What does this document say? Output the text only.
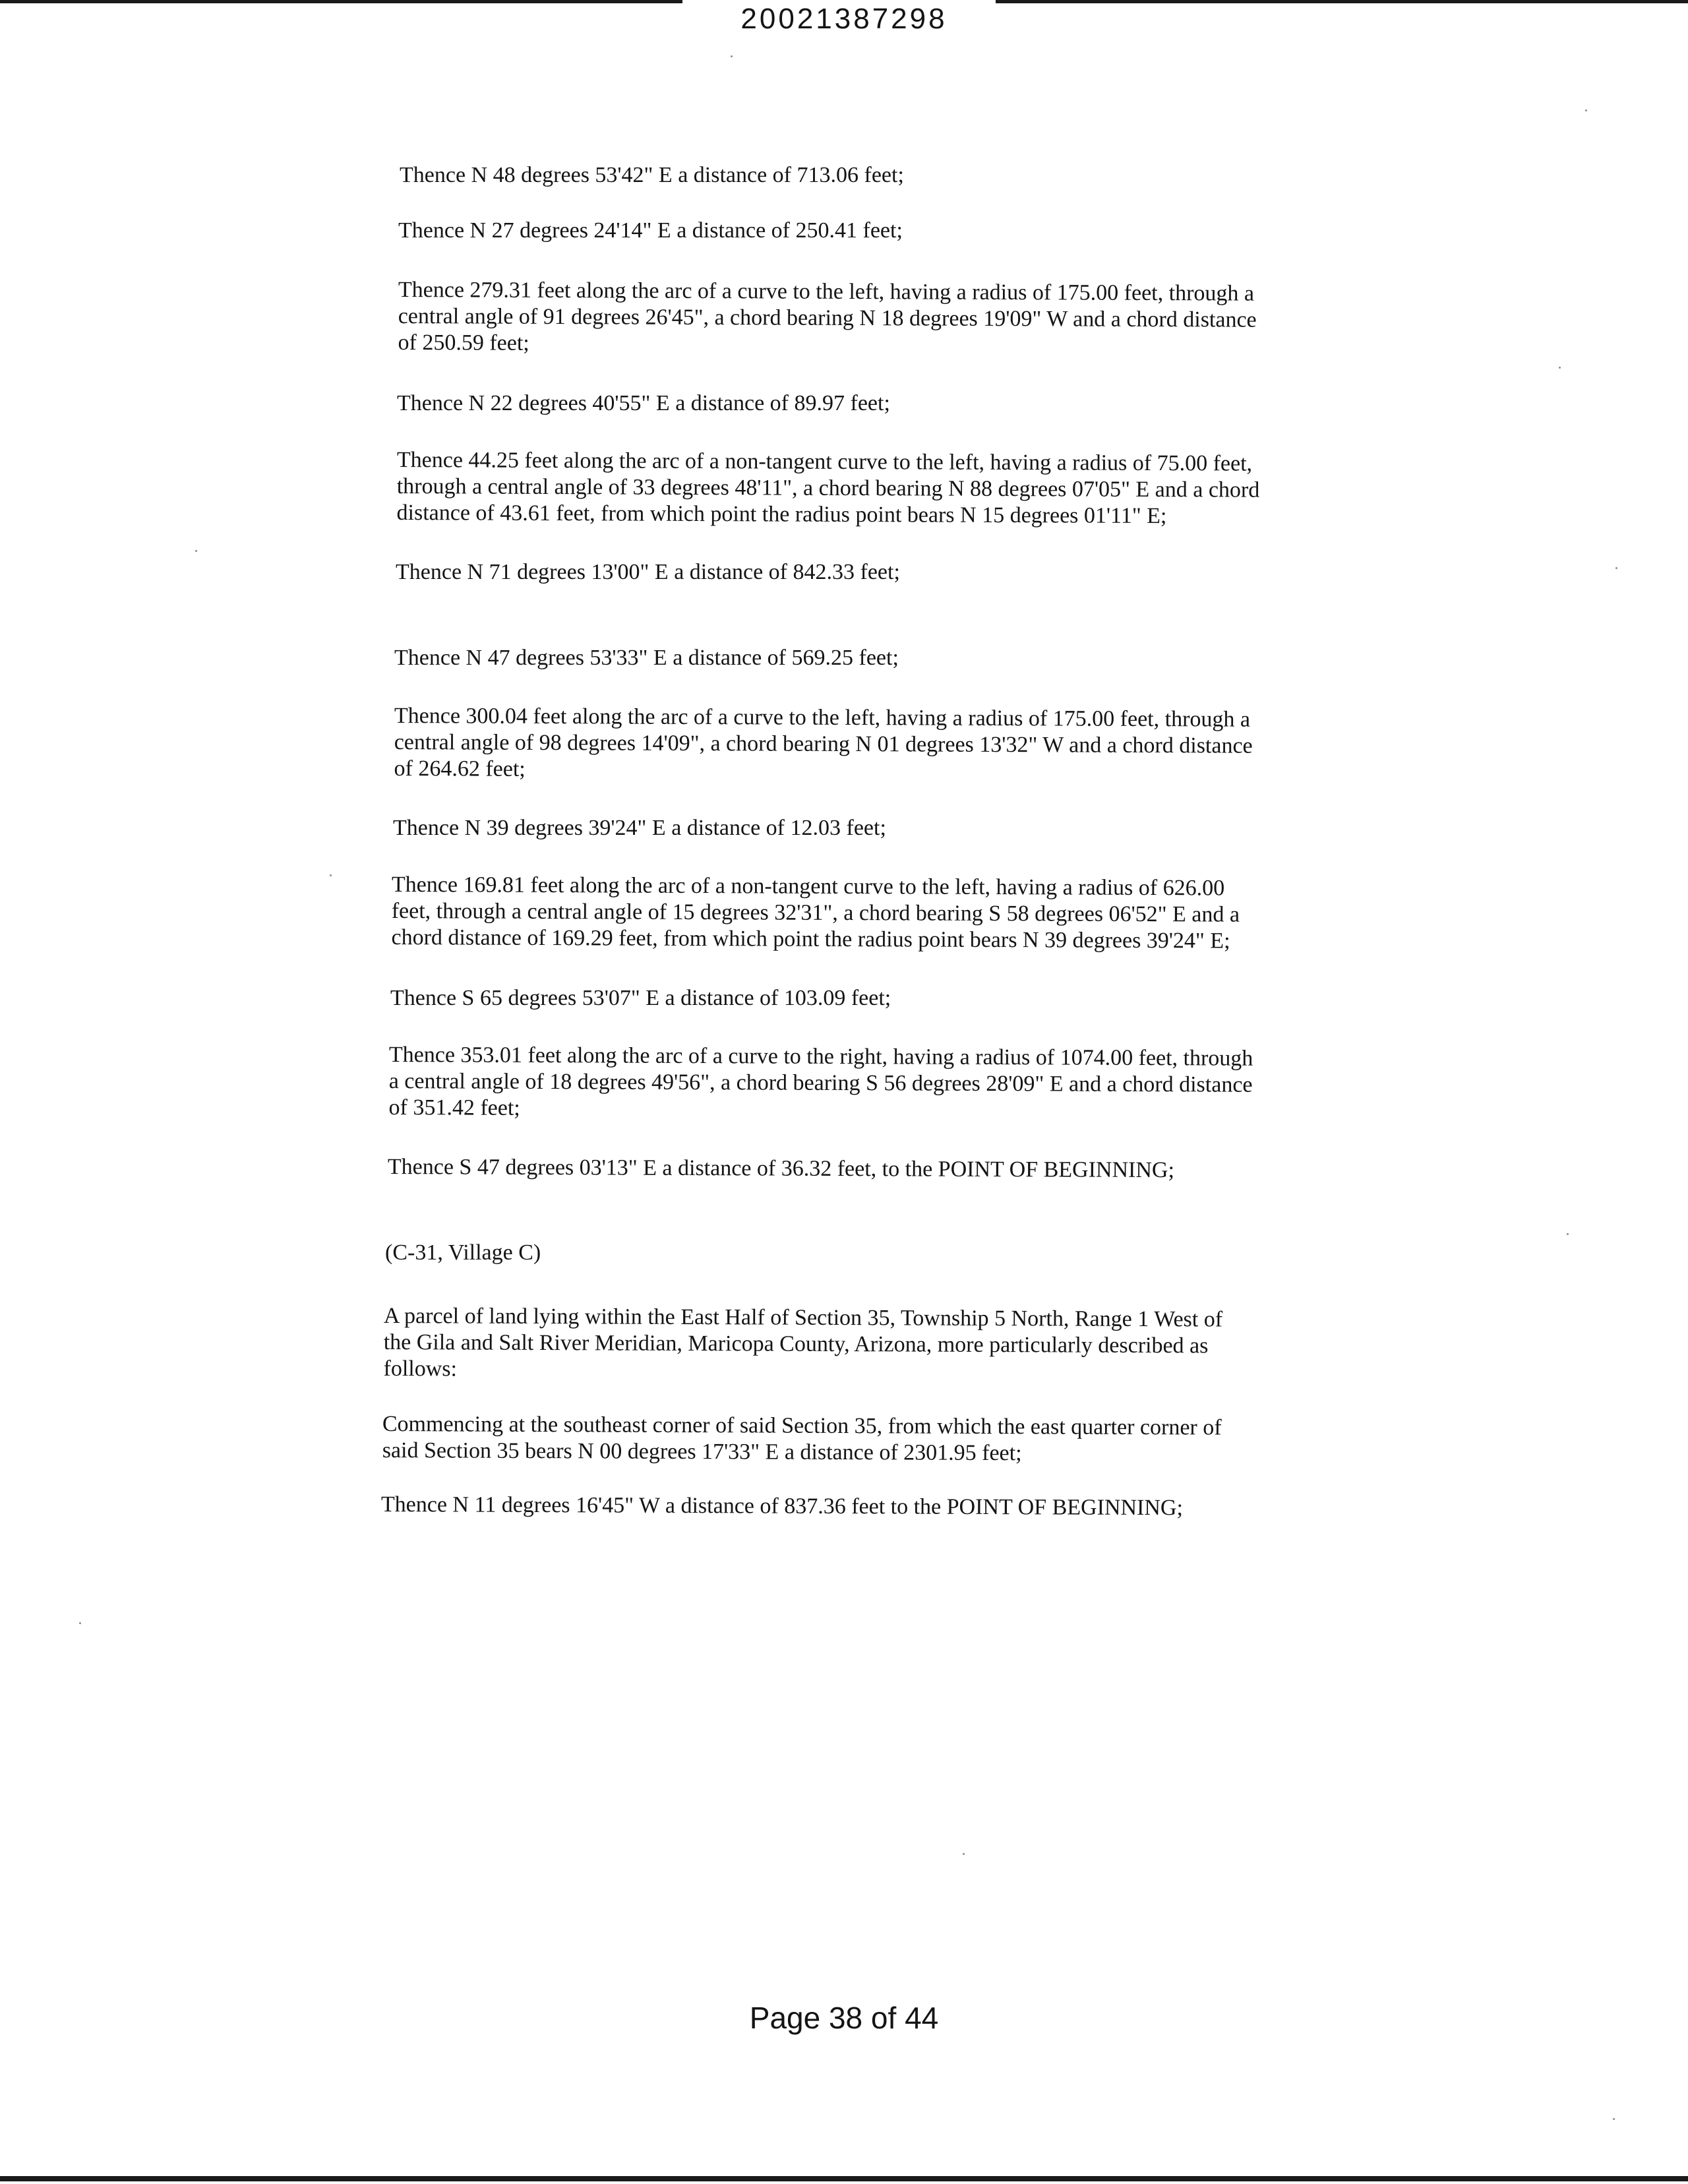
20021387298

Thence N 48 degrees 53'42" E a distance of 713.06 feet;

Thence N 27 degrees 24'14" E a distance of 250.41 feet;

Thence 279.31 feet along the arc of a curve to the left, having a radius of 175.00 feet, through a
central angle of 91 degrees 26'45", a chord bearing N 18 degrees 19'09" W and a chord distance
of 250.59 feet;

Thence N 22 degrees 40'55" E a distance of 89.97 feet;

Thence 44.25 feet along the arc of a non-tangent curve to the left, having a radius of 75.00 feet,
through a central angle of 33 degrees 48'11", a chord bearing N 88 degrees 07'05" E and a chord
distance of 43.61 feet, from which point the radius point bears N 15 degrees 01'11" E;

Thence N 71 degrees 13'00" E a distance of 842.33 feet;

Thence N 47 degrees 53'33" E a distance of 569.25 feet;

Thence 300.04 feet along the arc of a curve to the left, having a radius of 175.00 feet, through a
central angle of 98 degrees 14'09", a chord bearing N 01 degrees 13'32" W and a chord distance
of 264.62 feet;

Thence N 39 degrees 39'24" E a distance of 12.03 feet;

Thence 169.81 feet along the arc of a non-tangent curve to the left, having a radius of 626.00
feet, through a central angle of 15 degrees 32'31", a chord bearing S 58 degrees 06'52" E and a
chord distance of 169.29 feet, from which point the radius point bears N 39 degrees 39'24" E;

Thence S 65 degrees 53'07" E a distance of 103.09 feet;

Thence 353.01 feet along the arc of a curve to the right, having a radius of 1074.00 feet, through
a central angle of 18 degrees 49'56", a chord bearing S 56 degrees 28'09" E and a chord distance
of 351.42 feet;

Thence S 47 degrees 03'13" E a distance of 36.32 feet, to the POINT OF BEGINNING;

(C-31, Village C)

A parcel of land lying within the East Half of Section 35, Township 5 North, Range 1 West of
the Gila and Salt River Meridian, Maricopa County, Arizona, more particularly described as
follows:

Commencing at the southeast corner of said Section 35, from which the east quarter corner of
said Section 35 bears N 00 degrees 17'33" E a distance of 2301.95 feet;

Thence N 11 degrees 16'45" W a distance of 837.36 feet to the POINT OF BEGINNING;

Page 38 of 44
